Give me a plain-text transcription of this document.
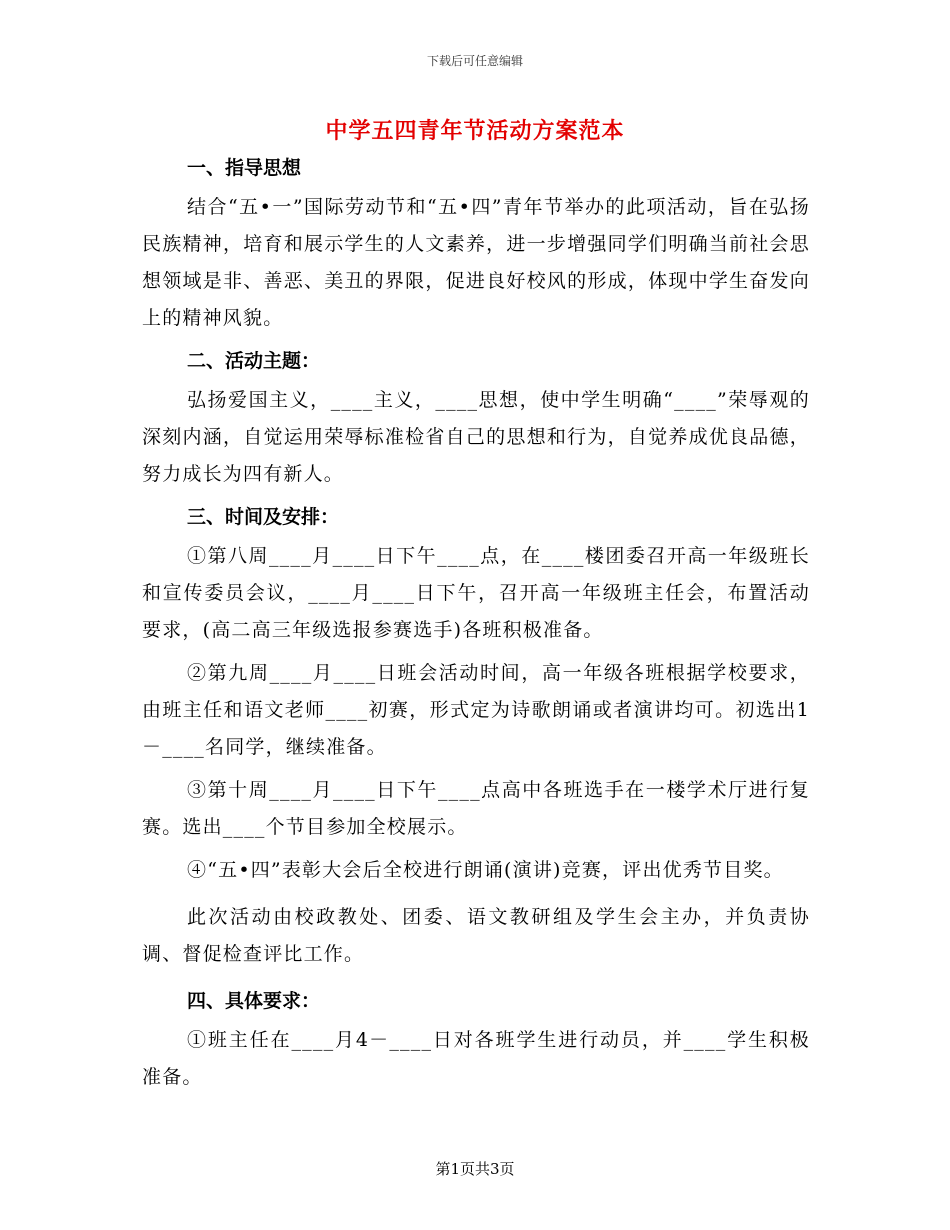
下载后可任意编辑
中学五四青年节活动方案范本

一、指导思想

结合“五•一”国际劳动节和“五•四”青年节举办的此项活动，旨在弘扬民族精神，培育和展示学生的人文素养，进一步增强同学们明确当前社会思想领域是非、善恶、美丑的界限，促进良好校风的形成，体现中学生奋发向上的精神风貌。

二、活动主题：

弘扬爱国主义，____主义，____思想，使中学生明确“____”荣辱观的深刻内涵，自觉运用荣辱标准检省自己的思想和行为，自觉养成优良品德，努力成长为四有新人。

三、时间及安排：

①第八周____月____日下午____点，在____楼团委召开高一年级班长和宣传委员会议，____月____日下午，召开高一年级班主任会，布置活动要求，(高二高三年级选报参赛选手)各班积极准备。

②第九周____月____日班会活动时间，高一年级各班根据学校要求，由班主任和语文老师____初赛，形式定为诗歌朗诵或者演讲均可。初选出1－____名同学，继续准备。

③第十周____月____日下午____点高中各班选手在一楼学术厅进行复赛。选出____个节目参加全校展示。

④“五•四”表彰大会后全校进行朗诵(演讲)竞赛，评出优秀节目奖。

此次活动由校政教处、团委、语文教研组及学生会主办，并负责协调、督促检查评比工作。

四、具体要求：

①班主任在____月4－____日对各班学生进行动员，并____学生积极准备。

第1页共3页
